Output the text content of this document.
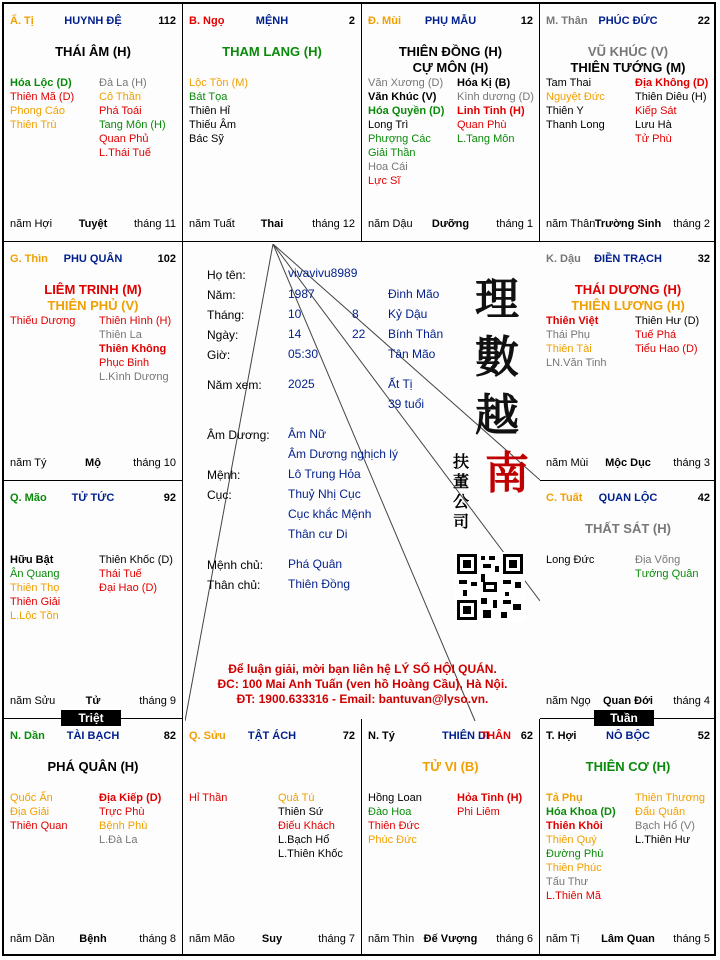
Ấ. Tị	HUYNH ĐỆ	112
THÁI ÂM (H)
Hóa Lộc (D)
Thiên Mã (D)
Phong Cáo
Thiên Trù
Đà La (H)
Cô Thần
Phá Toái
Tang Môn (H)
Quan Phủ
L.Thái Tuế
năm Hợi	Tuyệt	tháng 11
B. Ngọ	MỆNH	2
THAM LANG (H)
Lộc Tồn (M)
Bát Tọa
Thiên Hỉ
Thiếu Âm
Bác Sỹ
năm Tuất	Thai	tháng 12
Đ. Mùi	PHỤ MẪU	12
THIÊN ĐỒNG (H)
CỰ MÔN (H)
Văn Xương (D)
Văn Khúc (V)
Hóa Quyền (D)
Long Trì
Phượng Các
Giải Thần
Hoa Cái
Lực Sĩ
Hóa Kị (B)
Kình dương (D)
Linh Tinh (H)
Quan Phù
L.Tang Môn
năm Dậu	Dưỡng	tháng 1
M. Thân PHÚC ĐỨC	22
VŨ KHÚC (V)
THIÊN TƯỚNG (M)
Tam Thai
Nguyệt Đức
Thiên Y
Thanh Long
Địa Không (D)
Thiên Diêu (H)
Kiếp Sát
Lưu Hà
Tử Phù
năm Thân Trường Sinh	tháng 2
G. Thìn	PHU QUÂN	102
LIÊM TRINH (M)
THIÊN PHỦ (V)
Thiếu Dương Thiên Hình (H)
Thiên La
Thiên Không
Phục Binh
L.Kình Dương
năm Tý	Mộ	tháng 10
K. Dậu	ĐIỀN TRẠCH	32
THÁI DƯƠNG (H)
THIÊN LƯƠNG (H)
Thiên Việt
Thái Phụ
Thiên Tài
LN.Văn Tinh
Thiên Hư (D)
Tuế Phá
Tiểu Hao (D)
năm Mùi	Mộc Dục	tháng 3
Q. Mão	TỬ TỨC	92
Hữu Bật
Ân Quang
Thiên Thọ
Thiên Giải
L.Lộc Tồn
Thiên Khốc (D)
Thái Tuế
Đại Hao (D)
năm Sửu	Tử	tháng 9
C. Tuất	QUAN LỘC	42
THẤT SÁT (H)
Long Đức	Địa Võng
Tướng Quân
năm Ngọ	Quan Đới	tháng 4
N. Dần	TÀI BẠCH	82
PHÁ QUÂN (H)
Quốc Ấn
Địa Giải
Thiên Quan
Địa Kiếp (D)
Trực Phù
Bệnh Phù
L.Đà La
năm Dần	Bệnh	tháng 8
Q. Sửu	TẬT ÁCH	72
Hỉ Thần	Quả Tú
Thiên Sứ
Điếu Khách
L.Bạch Hổ
L.Thiên Khốc
năm Mão	Suy	tháng 7
N. Tý	THIÊN DI
THÂN 62
TỬ VI (B)
Hồng Loan
Đào Hoa
Thiên Đức
Phúc Đức
Hỏa Tinh (H)
Phi Liêm
năm Thìn Đế Vượng	tháng 6
T. Hợi	NÔ BỘC	52
THIÊN CƠ (H)
Tả Phụ
Hóa Khoa (D)
Thiên Khôi
Thiên Quý
Đường Phù
Thiên Phúc
Tấu Thư
L.Thiên Mã
Thiên Thương
Đẩu Quân
Bạch Hổ (V)
L.Thiên Hư
năm Tị	Lâm Quan	tháng 5
Họ tên:	vivavivu8989
Năm:	1987	Đinh Mão
Tháng:	10	8 Kỷ Dậu
Ngày:	14	22 Bính Thân
Giờ:	05:30	Tân Mão
Năm xem: 2025	Ất Tị
39 tuổi
Âm Dương: Âm Nữ
Âm Dương nghịch lý
Mệnh:	Lô Trung Hỏa
Cục:	Thuỷ Nhị Cục
Cục khắc Mệnh
Thân cư Di
Mệnh chủ: Phá Quân
Thân chủ: Thiên Đồng
理
數
越
南
扶
董
公
司
Để luận giải, mời bạn liên hệ LÝ SỐ HỘI QUÁN.
ĐC: 100 Mai Anh Tuấn (ven hồ Hoàng Cầu), Hà Nội.
ĐT: 1900.633316 - Email: bantuvan@lyso.vn.
Triệt	Tuần
